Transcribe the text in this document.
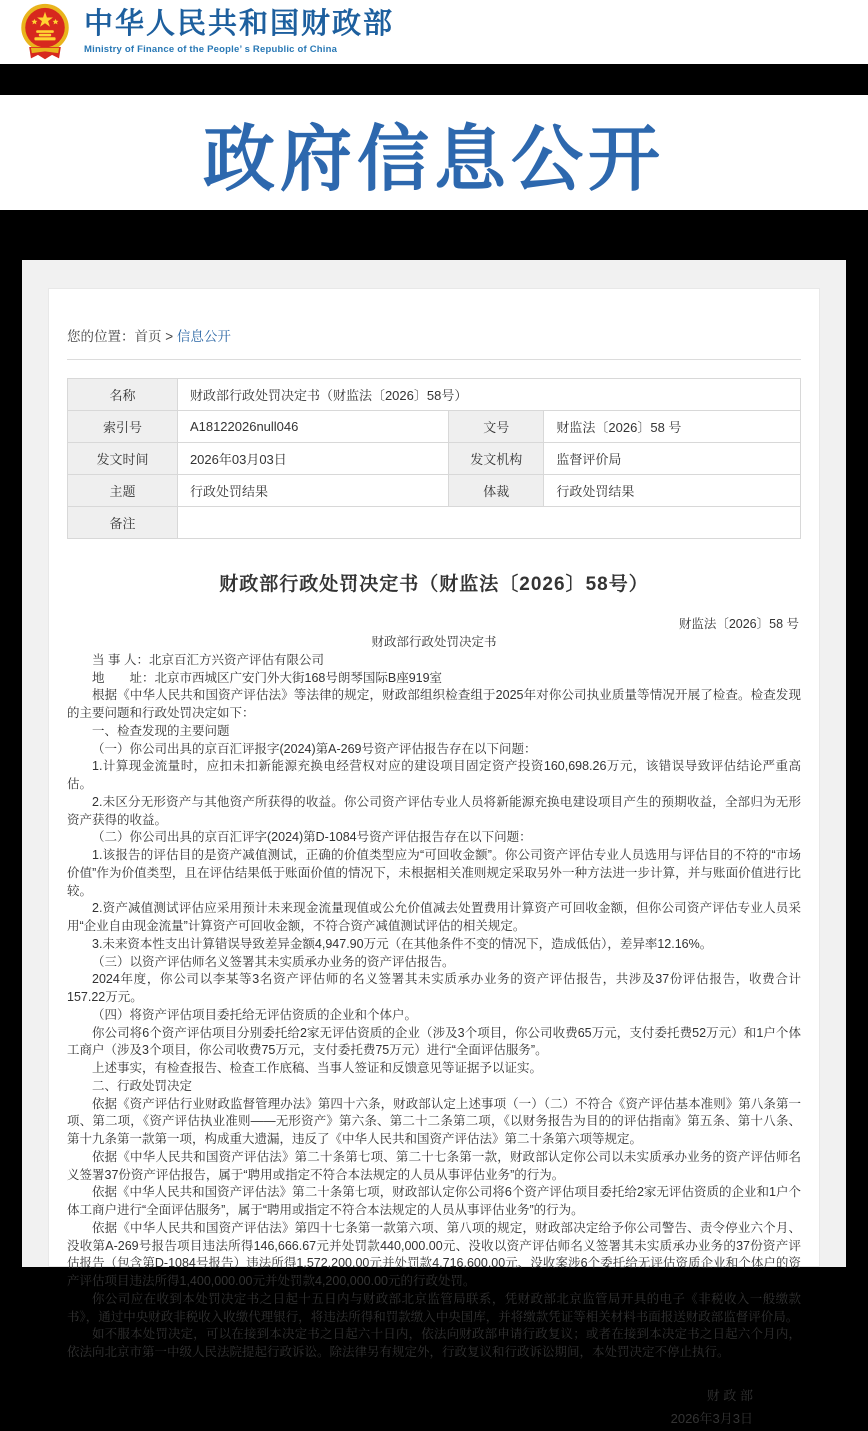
中华人民共和国财政部
Ministry of Finance of the People’ s Republic of China
政府信息公开
您的位置：首页 > 信息公开
名称	财政部行政处罚决定书（财监法〔2026〕58号）		
索引号	A18122026null046	文号	财监法〔2026〕58 号
发文时间	2026年03月03日	发文机构	监督评价局
主题	行政处罚结果	体裁	行政处罚结果
备注			
财政部行政处罚决定书（财监法〔2026〕58号）
财监法〔2026〕58 号
财政部行政处罚决定书

当 事 人：北京百汇方兴资产评估有限公司

地　　址：北京市西城区广安门外大街168号朗琴国际B座919室

根据《中华人民共和国资产评估法》等法律的规定，财政部组织检查组于2025年对你公司执业质量等情况开展了检查。检查发现的主要问题和行政处罚决定如下：

一、检查发现的主要问题

（一）你公司出具的京百汇评报字(2024)第A-269号资产评估报告存在以下问题：

1.计算现金流量时，应扣未扣新能源充换电经营权对应的建设项目固定资产投资160,698.26万元，该错误导致评估结论严重高估。

2.未区分无形资产与其他资产所获得的收益。你公司资产评估专业人员将新能源充换电建设项目产生的预期收益，全部归为无形资产获得的收益。

（二）你公司出具的京百汇评字(2024)第D-1084号资产评估报告存在以下问题：

1.该报告的评估目的是资产减值测试，正确的价值类型应为“可回收金额”。你公司资产评估专业人员选用与评估目的不符的“市场价值”作为价值类型，且在评估结果低于账面价值的情况下，未根据相关准则规定采取另外一种方法进一步计算，并与账面价值进行比较。

2.资产减值测试评估应采用预计未来现金流量现值或公允价值减去处置费用计算资产可回收金额，但你公司资产评估专业人员采用“企业自由现金流量”计算资产可回收金额，不符合资产减值测试评估的相关规定。

3.未来资本性支出计算错误导致差异金额4,947.90万元（在其他条件不变的情况下，造成低估），差异率12.16%。

（三）以资产评估师名义签署其未实质承办业务的资产评估报告。

2024年度，你公司以李某等3名资产评估师的名义签署其未实质承办业务的资产评估报告，共涉及37份评估报告，收费合计157.22万元。

（四）将资产评估项目委托给无评估资质的企业和个体户。

你公司将6个资产评估项目分别委托给2家无评估资质的企业（涉及3个项目，你公司收费65万元，支付委托费52万元）和1户个体工商户（涉及3个项目，你公司收费75万元，支付委托费75万元）进行“全面评估服务”。

上述事实，有检查报告、检查工作底稿、当事人签证和反馈意见等证据予以证实。

二、行政处罚决定

依据《资产评估行业财政监督管理办法》第四十六条，财政部认定上述事项（一）（二）不符合《资产评估基本准则》第八条第一项、第二项，《资产评估执业准则——无形资产》第六条、第二十二条第二项，《以财务报告为目的的评估指南》第五条、第十八条、第十九条第一款第一项，构成重大遗漏，违反了《中华人民共和国资产评估法》第二十条第六项等规定。

依据《中华人民共和国资产评估法》第二十条第七项、第二十七条第一款，财政部认定你公司以未实质承办业务的资产评估师名义签署37份资产评估报告，属于“聘用或指定不符合本法规定的人员从事评估业务”的行为。

依据《中华人民共和国资产评估法》第二十条第七项，财政部认定你公司将6个资产评估项目委托给2家无评估资质的企业和1户个体工商户进行“全面评估服务”，属于“聘用或指定不符合本法规定的人员从事评估业务”的行为。

依据《中华人民共和国资产评估法》第四十七条第一款第六项、第八项的规定，财政部决定给予你公司警告、责令停业六个月、没收第A-269号报告项目违法所得146,666.67元并处罚款440,000.00元、没收以资产评估师名义签署其未实质承办业务的37份资产评估报告（包含第D-1084号报告）违法所得1,572,200.00元并处罚款4,716,600.00元、没收案涉6个委托给无评估资质企业和个体户的资产评估项目违法所得1,400,000.00元并处罚款4,200,000.00元的行政处罚。

你公司应在收到本处罚决定书之日起十五日内与财政部北京监管局联系，凭财政部北京监管局开具的电子《非税收入一般缴款书》，通过中央财政非税收入收缴代理银行，将违法所得和罚款缴入中央国库，并将缴款凭证等相关材料书面报送财政部监督评价局。

如不服本处罚决定，可以在接到本决定书之日起六十日内，依法向财政部申请行政复议；或者在接到本决定书之日起六个月内，依法向北京市第一中级人民法院提起行政诉讼。除法律另有规定外，行政复议和行政诉讼期间，本处罚决定不停止执行。

财 政 部
2026年3月3日
